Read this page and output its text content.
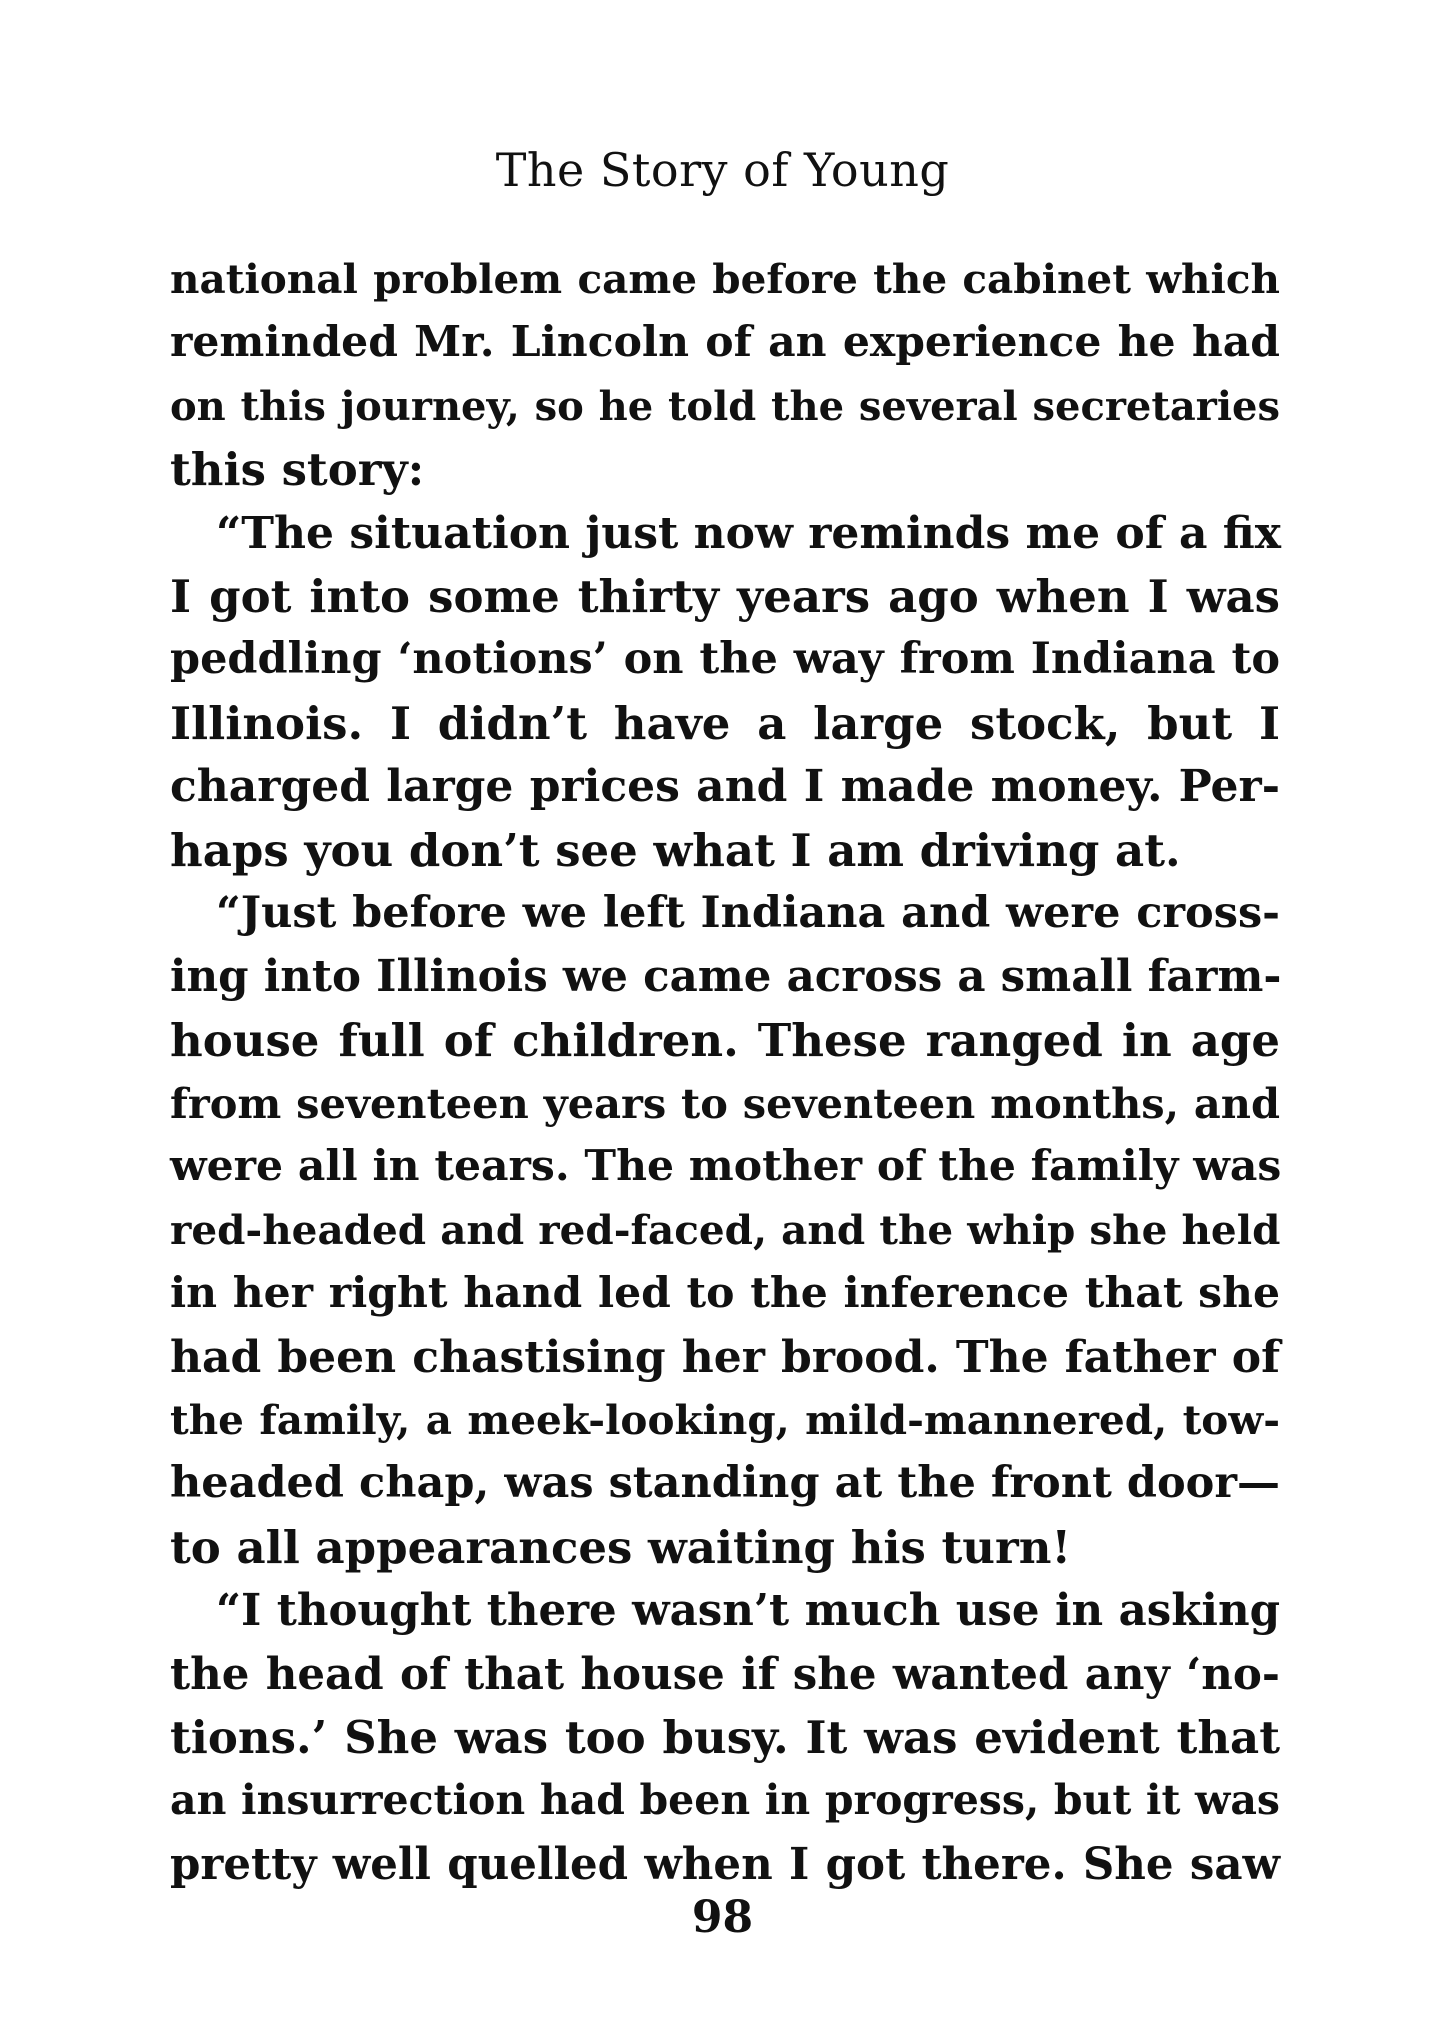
The Story of Young
national problem came before the cabinet which
reminded Mr. Lincoln of an experience he had
on this journey, so he told the several secretaries
this story:
“The situation just now reminds me of a fix
I got into some thirty years ago when I was
peddling ‘notions’ on the way from Indiana to
Illinois. I didn’t have a large stock, but I
charged large prices and I made money. Per-
haps you don’t see what I am driving at.
“Just before we left Indiana and were cross-
ing into Illinois we came across a small farm-
house full of children. These ranged in age
from seventeen years to seventeen months, and
were all in tears. The mother of the family was
red-headed and red-faced, and the whip she held
in her right hand led to the inference that she
had been chastising her brood. The father of
the family, a meek-looking, mild-mannered, tow-
headed chap, was standing at the front door—
to all appearances waiting his turn!
“I thought there wasn’t much use in asking
the head of that house if she wanted any ‘no-
tions.’ She was too busy. It was evident that
an insurrection had been in progress, but it was
pretty well quelled when I got there. She saw
98
